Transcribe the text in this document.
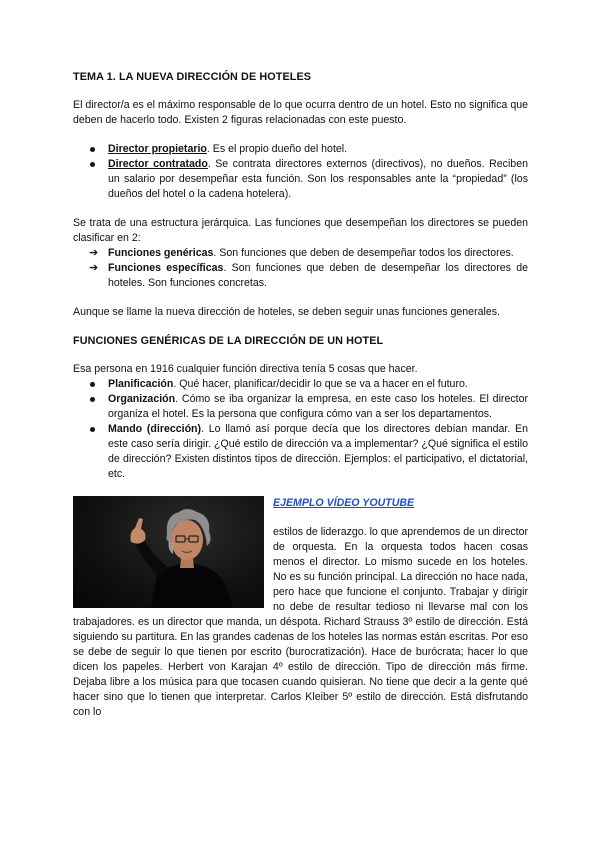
TEMA 1. LA NUEVA DIRECCIÓN DE HOTELES

El director/a es el máximo responsable de lo que ocurra dentro de un hotel. Esto no significa que deben de hacerlo todo. Existen 2 figuras relacionadas con este puesto.

Director propietario. Es el propio dueño del hotel.
Director contratado. Se contrata directores externos (directivos), no dueños. Reciben un salario por desempeñar esta función. Son los responsables ante la “propiedad” (los dueños del hotel o la cadena hotelera).

Se trata de una estructura jerárquica. Las funciones que desempeñan los directores se pueden clasificar en 2:

➔ Funciones genéricas. Son funciones que deben de desempeñar todos los directores.
➔ Funciones específicas. Son funciones que deben de desempeñar los directores de hoteles. Son funciones concretas.

Aunque se llame la nueva dirección de hoteles, se deben seguir unas funciones generales.

FUNCIONES GENÉRICAS DE LA DIRECCIÓN DE UN HOTEL

Esa persona en 1916 cualquier función directiva tenía 5 cosas que hacer.

Planificación. Qué hacer, planificar/decidir lo que se va a hacer en el futuro.
Organización. Cómo se iba organizar la empresa, en este caso los hoteles. El director organiza el hotel. Es la persona que configura cómo van a ser los departamentos.
Mando (dirección). Lo llamó así porque decía que los directores debían mandar. En este caso sería dirigir. ¿Qué estilo de dirección va a implementar? ¿Qué significa el estilo de dirección? Existen distintos tipos de dirección. Ejemplos: el participativo, el dictatorial, etc.
EJEMPLO VÍDEO YOUTUBE

estilos de liderazgo. lo que aprendemos de un director de orquesta. En la orquesta todos hacen cosas menos el director. Lo mismo sucede en los hoteles. No es su función principal. La dirección no hace nada, pero hace que funcione el conjunto. Trabajar y dirigir no debe de resultar tedioso ni llevarse mal con los trabajadores. es un director que manda, un déspota. Richard Strauss 3º estilo de dirección. Está siguiendo su partitura. En las grandes cadenas de los hoteles las normas están escritas. Por eso se debe de seguir lo que tienen por escrito (burocratización). Hace de burócrata; hacer lo que dicen los papeles. Herbert von Karajan 4º estilo de dirección. Tipo de dirección más firme. Dejaba libre a los música para que tocasen cuando quisieran. No tiene que decir a la gente qué hacer sino que lo tienen que interpretar. Carlos Kleiber 5º estilo de dirección. Está disfrutando con lo
